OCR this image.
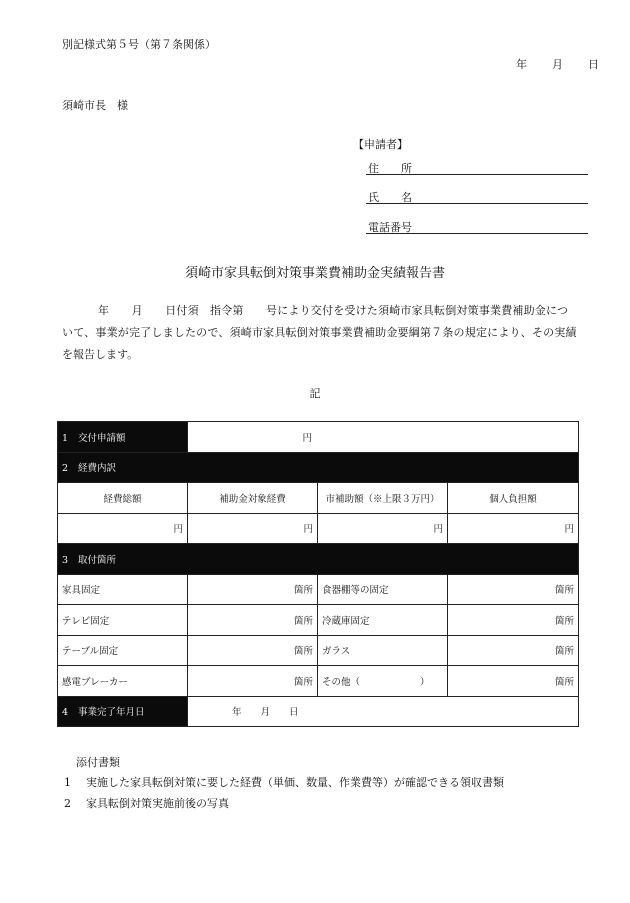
別記様式第５号（第７条関係）
年　　月　　日
須崎市長　様
【申請者】
住　　所
氏　　名
電話番号
須崎市家具転倒対策事業費補助金実績報告書
年　　月　　日付須　指令第　　号により交付を受けた須崎市家具転倒対策事業費補助金につ
いて、事業が完了しましたので、須崎市家具転倒対策事業費補助金要綱第７条の規定により、その実績
を報告します。
記
1 交付申請額	円		
2 経費内訳			
経費総額	補助金対象経費	市補助額（※上限３万円）	個人負担額
円	円	円	円
3 取付箇所			
家具固定	箇所	食器棚等の固定	箇所
テレビ固定	箇所	冷蔵庫固定	箇所
テーブル固定	箇所	ガラス	箇所
感電ブレーカー	箇所	その他（ ）	箇所
4 事業完了年月日	年　　月　　日		
添付書類
1 実施した家具転倒対策に要した経費（単価、数量、作業費等）が確認できる領収書類
2 家具転倒対策実施前後の写真
